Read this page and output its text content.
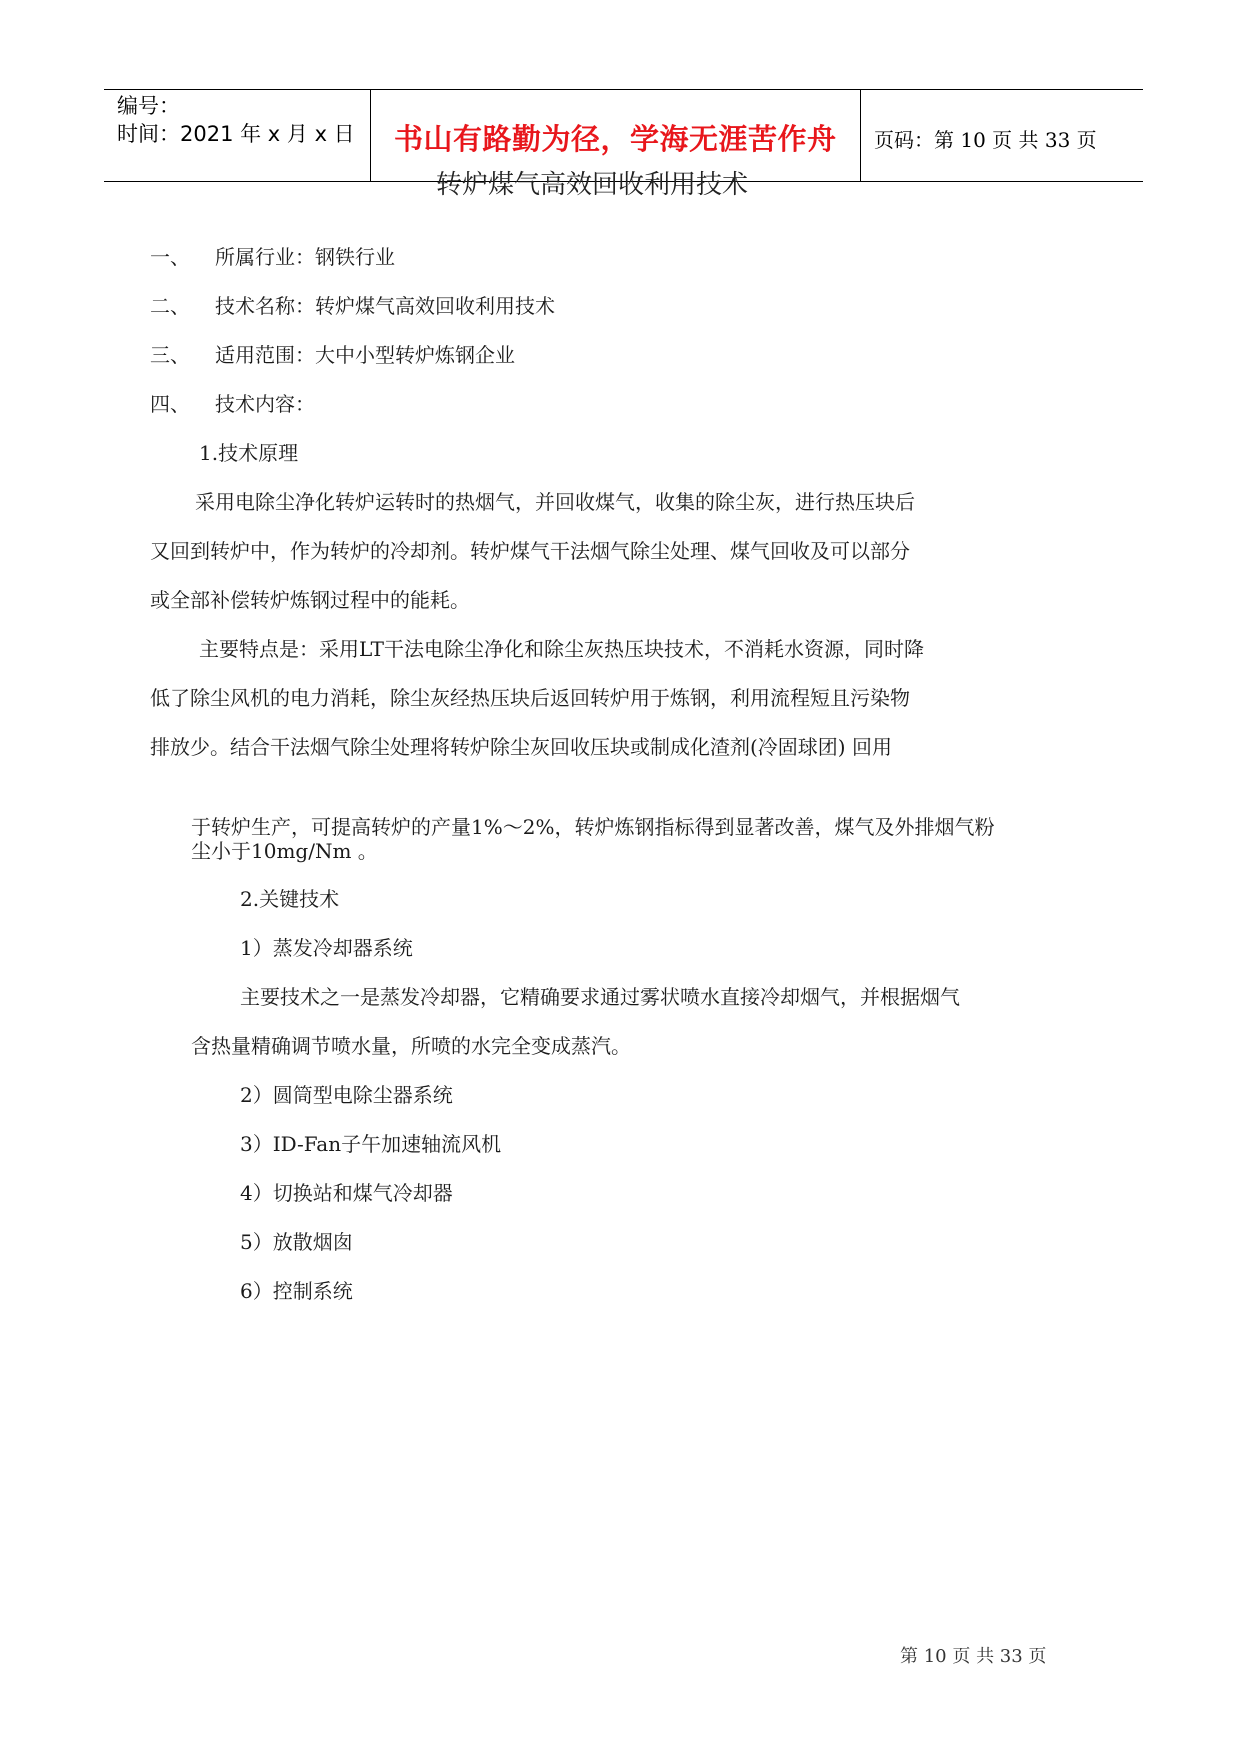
编号：
时间：2021 年 x 月 x 日 书山有路勤为径，学海无涯苦作舟 页码：第 10 页 共 33 页
转炉煤气高效回收利用技术
一、 所属行业：钢铁行业
二、 技术名称：转炉煤气高效回收利用技术
三、 适用范围：大中小型转炉炼钢企业
四、 技术内容：
1.技术原理
采用电除尘净化转炉运转时的热烟气，并回收煤气，收集的除尘灰，进行热压块后
又回到转炉中，作为转炉的冷却剂。转炉煤气干法烟气除尘处理、煤气回收及可以部分
或全部补偿转炉炼钢过程中的能耗。
主要特点是：采用LT干法电除尘净化和除尘灰热压块技术，不消耗水资源，同时降
低了除尘风机的电力消耗，除尘灰经热压块后返回转炉用于炼钢，利用流程短且污染物
排放少。结合干法烟气除尘处理将转炉除尘灰回收压块或制成化渣剂(冷固球团) 回用
于转炉生产，可提高转炉的产量1%～2%，转炉炼钢指标得到显著改善，煤气及外排烟气粉
尘小于10mg/Nm 。
2.关键技术
1）蒸发冷却器系统
主要技术之一是蒸发冷却器，它精确要求通过雾状喷水直接冷却烟气，并根据烟气
含热量精确调节喷水量，所喷的水完全变成蒸汽。
2）圆筒型电除尘器系统
3）ID-Fan子午加速轴流风机
4）切换站和煤气冷却器
5）放散烟囱
6）控制系统
第 10 页 共 33 页
